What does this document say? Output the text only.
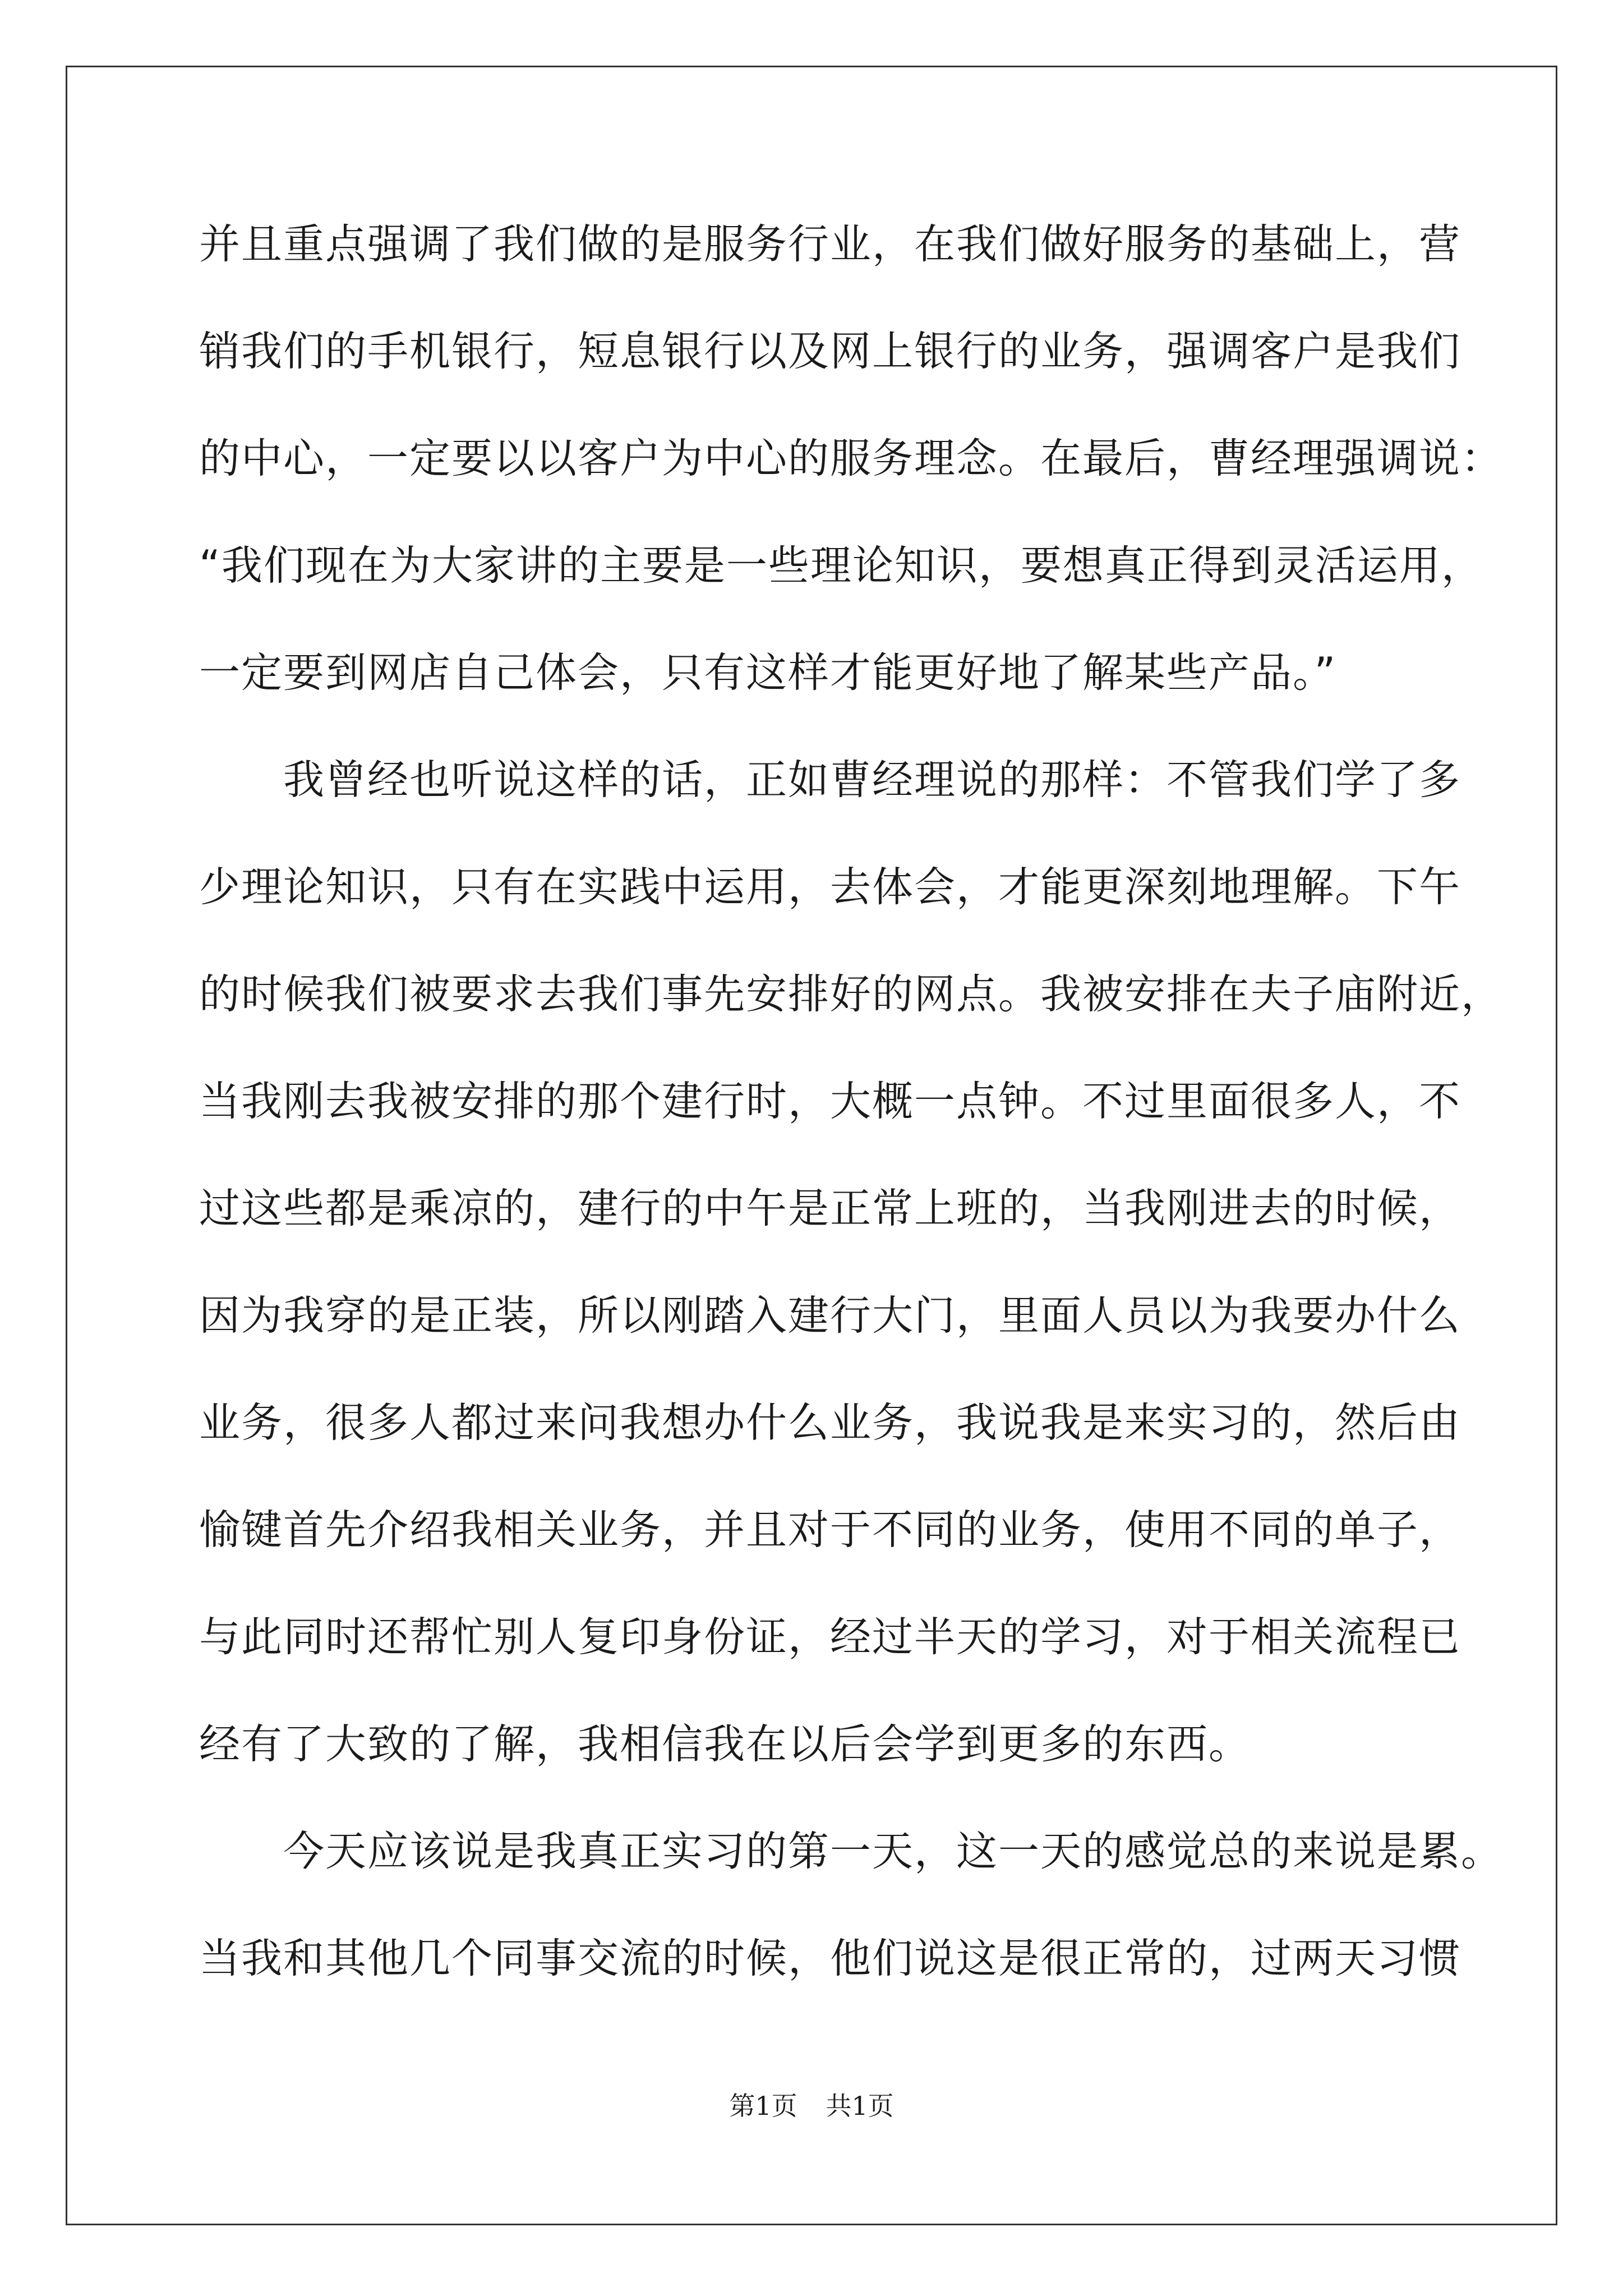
并且重点强调了我们做的是服务行业，在我们做好服务的基础上，营
销我们的手机银行，短息银行以及网上银行的业务，强调客户是我们
的中心，一定要以以客户为中心的服务理念。在最后，曹经理强调说：
“我们现在为大家讲的主要是一些理论知识，要想真正得到灵活运用，
一定要到网店自己体会，只有这样才能更好地了解某些产品。”
　　我曾经也听说这样的话，正如曹经理说的那样：不管我们学了多
少理论知识，只有在实践中运用，去体会，才能更深刻地理解。下午
的时候我们被要求去我们事先安排好的网点。我被安排在夫子庙附近，
当我刚去我被安排的那个建行时，大概一点钟。不过里面很多人，不
过这些都是乘凉的，建行的中午是正常上班的，当我刚进去的时候，
因为我穿的是正装，所以刚踏入建行大门，里面人员以为我要办什么
业务，很多人都过来问我想办什么业务，我说我是来实习的，然后由
愉键首先介绍我相关业务，并且对于不同的业务，使用不同的单子，
与此同时还帮忙别人复印身份证，经过半天的学习，对于相关流程已
经有了大致的了解，我相信我在以后会学到更多的东西。
　　今天应该说是我真正实习的第一天，这一天的感觉总的来说是累。
当我和其他几个同事交流的时候，他们说这是很正常的，过两天习惯
第1页 共1页
